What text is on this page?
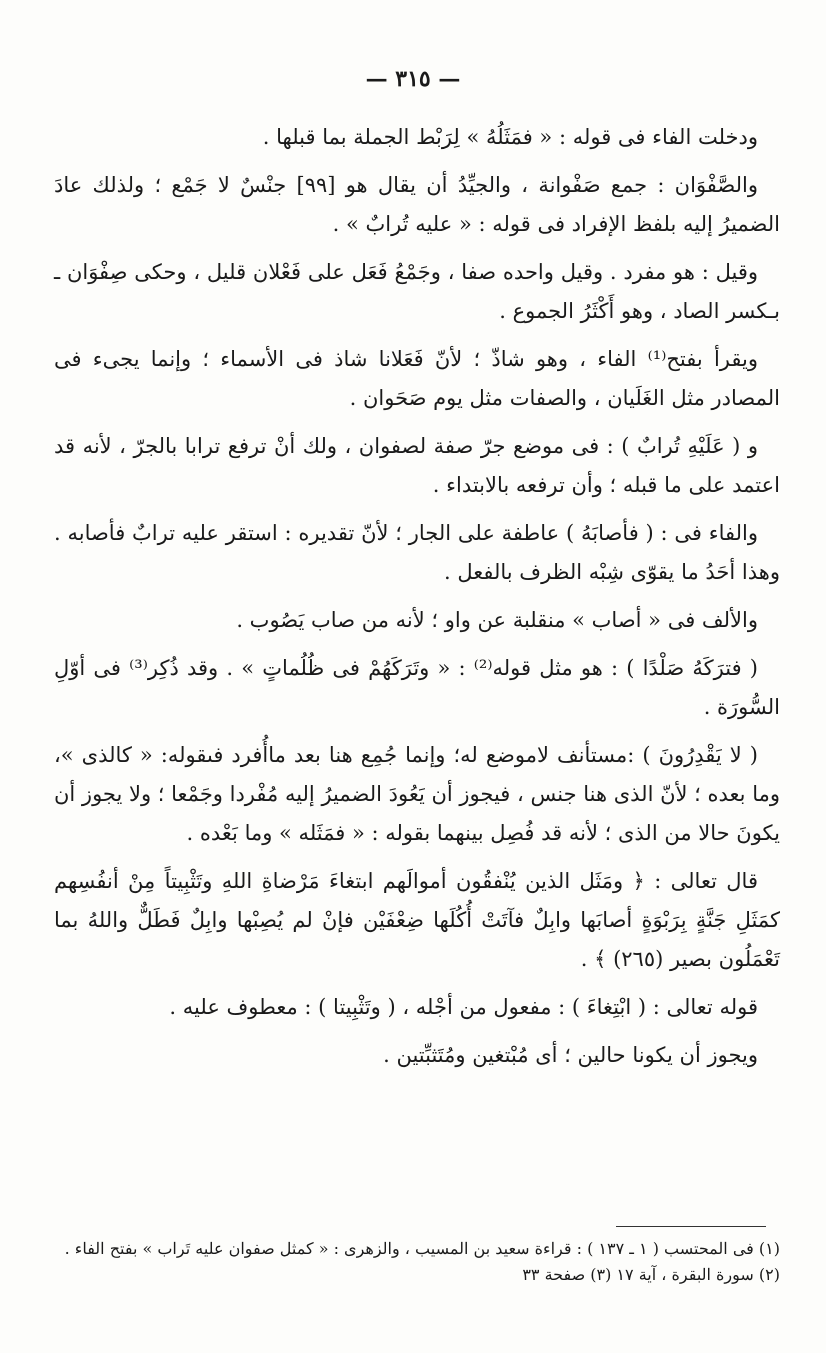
— ٣١٥ —

ودخلت الفاء فى قوله : « فمَثَلُهُ » لِرَبْط الجملة بما قبلها .

والصَّفْوَان : جمع صَفْوانة ، والجيِّدُ أن يقال هو [٩٩] جنْسٌ لا جَمْع ؛ ولذلك عادَ الضميرُ إليه بلفظ الإفراد فى قوله : « عليه تُرابٌ » .

وقيل : هو مفرد . وقيل واحده صفا ، وجَمْعُ فَعَل على فَعْلان قليل ، وحكى صِفْوَان ـ بـكسر الصاد ، وهو أَكْثَرُ الجموع .

ويقرأ بفتح⁽¹⁾ الفاء ، وهو شاذّ ؛ لأنّ فَعَلانا شاذ فى الأسماء ؛ وإنما يجىء فى المصادر مثل الغَلَيان ، والصفات مثل يوم صَحَوان .

و ( عَلَيْهِ تُرابٌ ) : فى موضع جرّ صفة لصفوان ، ولك أنْ ترفع ترابا بالجرّ ، لأنه قد اعتمد على ما قبله ؛ وأن ترفعه بالابتداء .

والفاء فى : ( فأصابَهُ ) عاطفة على الجار ؛ لأنّ تقديره : استقر عليه ترابٌ فأصابه . وهذا أحَدُ ما يقوّى شِبْه الظرف بالفعل .

والألف فى « أصاب » منقلبة عن واو ؛ لأنه من صاب يَصُوب .

( فترَكَهُ صَلْدًا ) : هو مثل قوله⁽²⁾ : « وتَرَكَهُمْ فى ظُلُماتٍ » . وقد ذُكِر⁽³⁾ فى أوّلِ السُّورَة .

( لا يَقْدِرُونَ ) :مستأنف لاموضع له؛ وإنما جُمِع هنا بعد ماأُفرد فىقوله: « كالذى »، وما بعده ؛ لأنّ الذى هنا جنس ، فيجوز أن يَعُودَ الضميرُ إليه مُفْردا وجَمْعا ؛ ولا يجوز أن يكونَ حالا من الذى ؛ لأنه قد فُصِل بينهما بقوله : « فمَثَله » وما بَعْده .

قال تعالى : ﴿ ومَثَل الذين يُنْفقُون أموالَهم ابتغاءَ مَرْضاةِ اللهِ وتَثْبِيتاً مِنْ أنفُسِهم كمَثَلِ جَنَّةٍ بِرَبْوَةٍ أصابَها وابِلٌ فآتَتْ أُكُلَها ضِعْفَيْن فإنْ لم يُصِبْها وابِلٌ فَطَلٌّ واللهُ بما تَعْمَلُون بصير (٢٦٥) ﴾ .

قوله تعالى : ( ابْتِغاءَ ) : مفعول من أجْله ، ( وتَثْبِيتا ) : معطوف عليه .

ويجوز أن يكونا حالين ؛ أى مُبْتغين ومُتَثبِّتين .

(١) فى المحتسب ( ١ ـ ١٣٧ ) : قراءة سعيد بن المسيب ، والزهرى : « كمثل صفوان عليه تَراب » بفتح الفاء .

(٢) سورة البقرة ، آية ١٧ (٣) صفحة ٣٣
